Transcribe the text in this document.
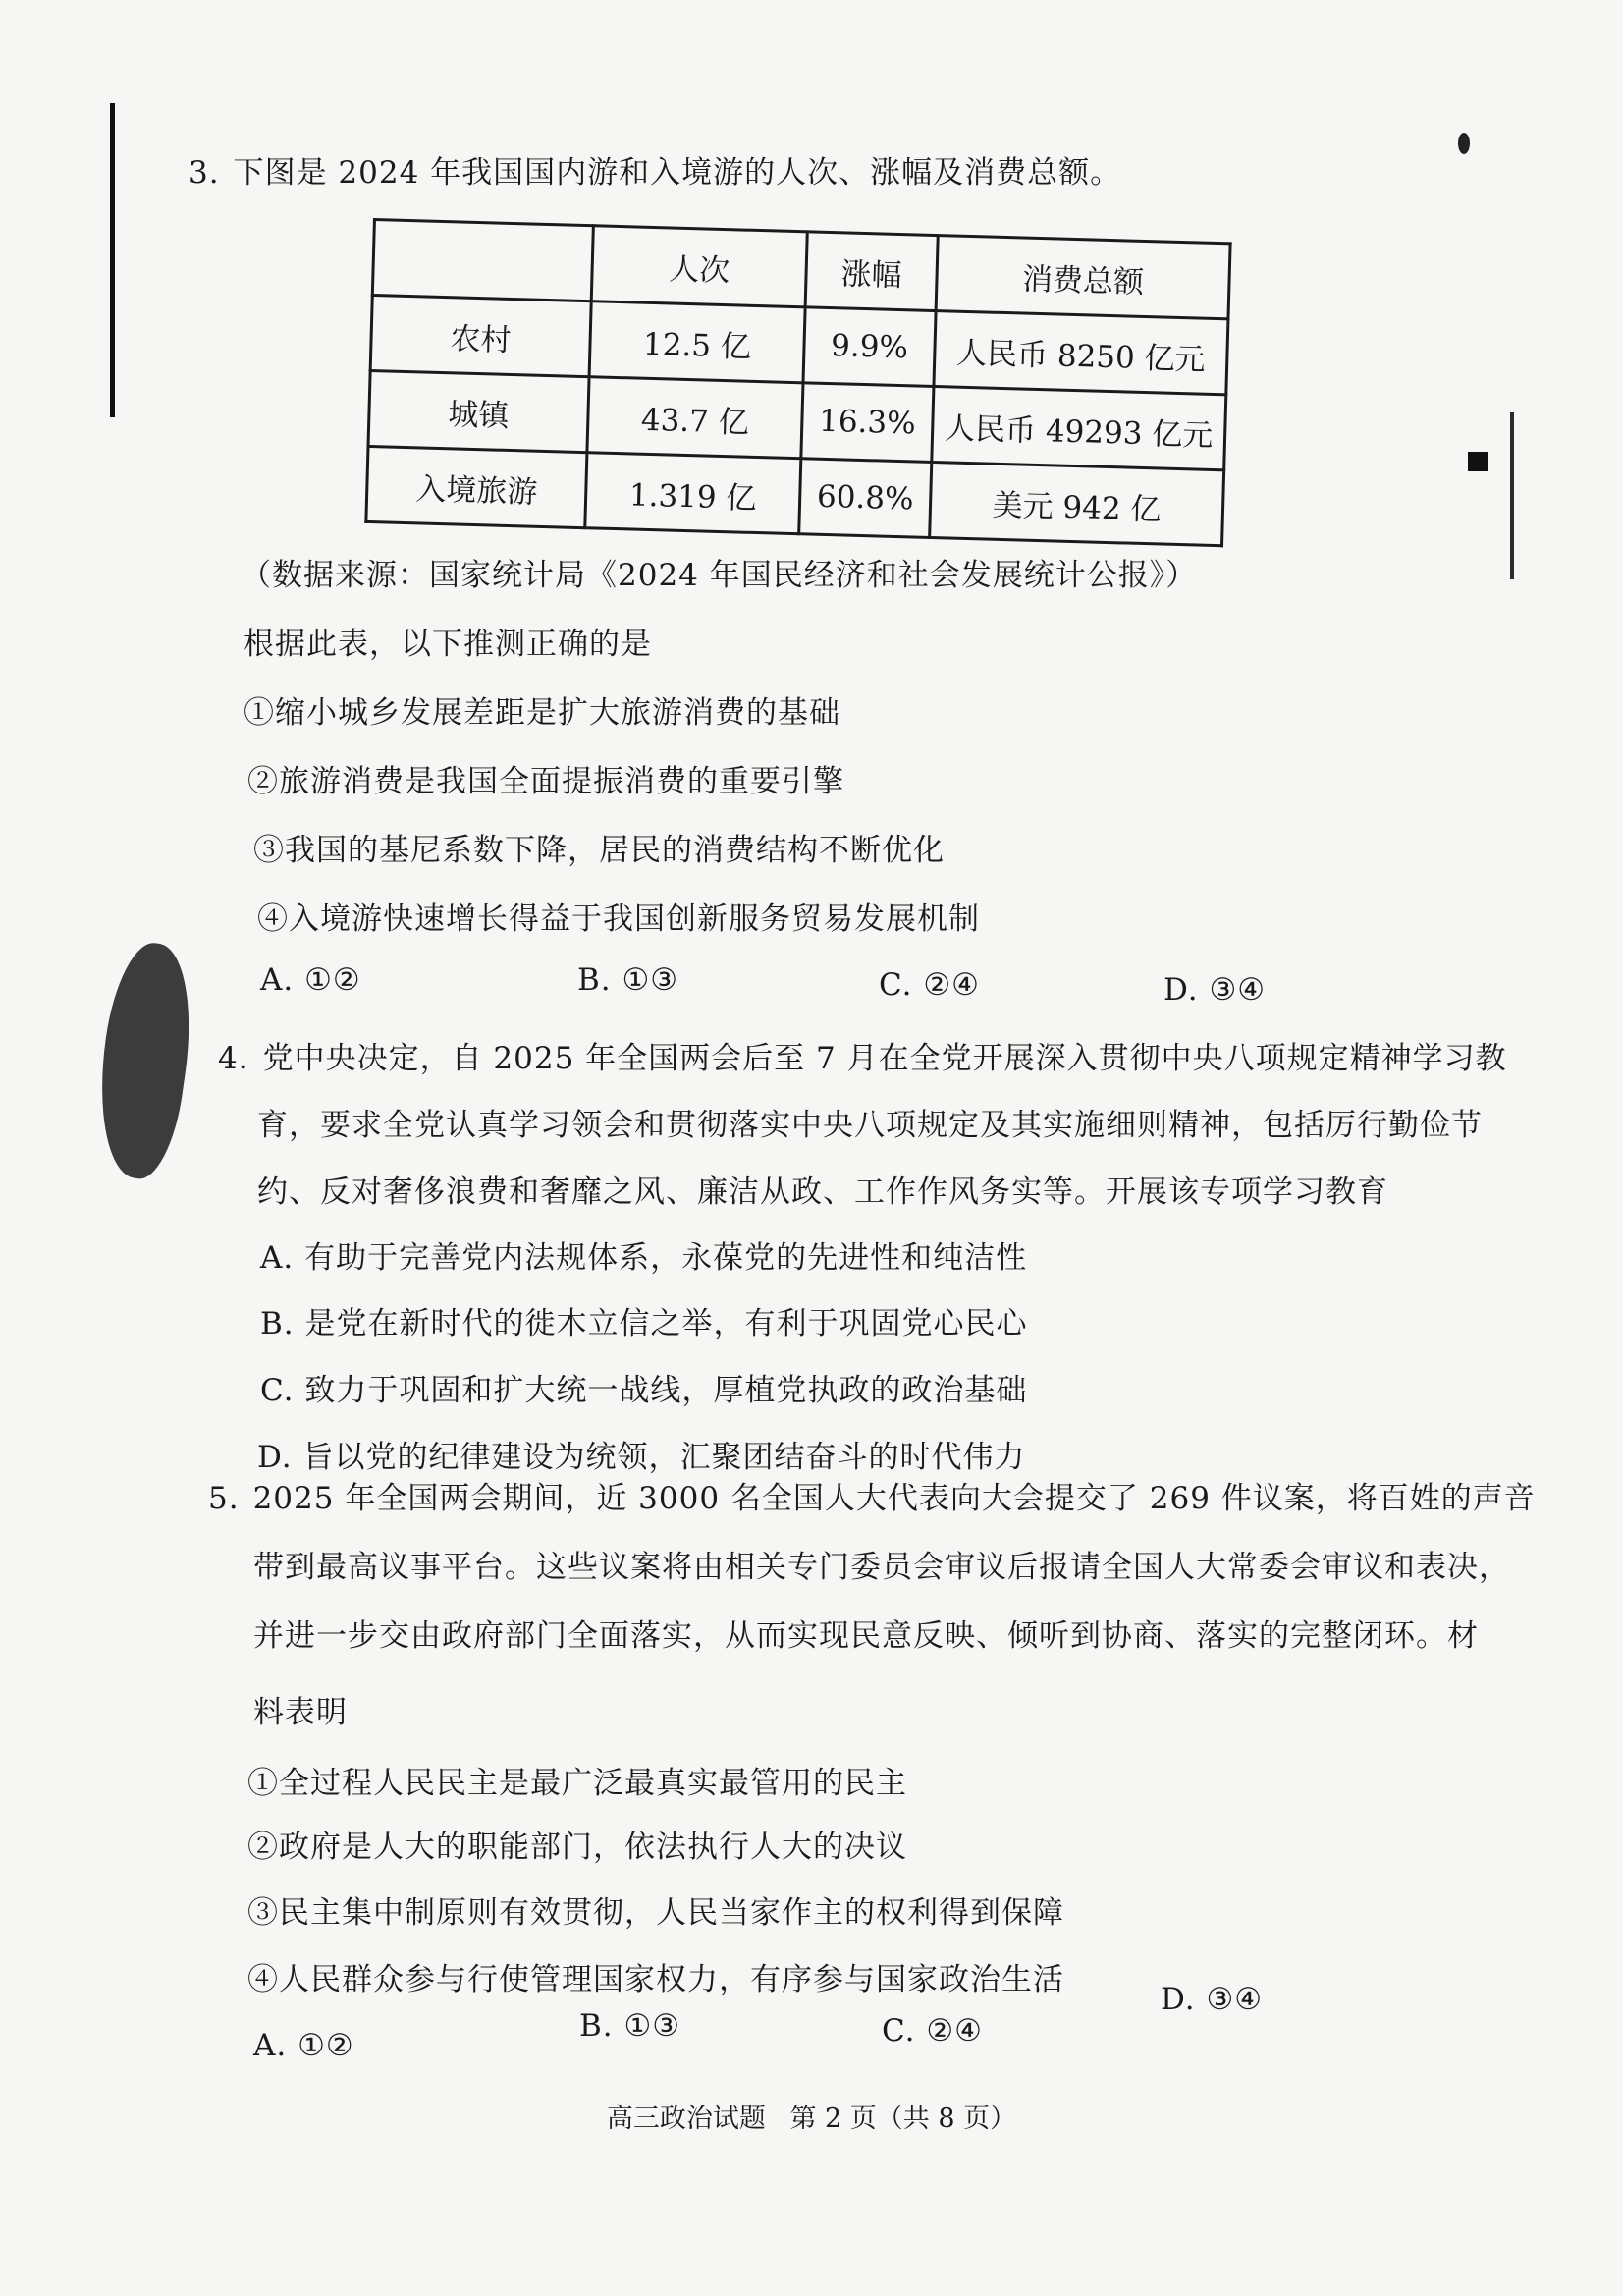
3. 下图是 2024 年我国国内游和入境游的人次、涨幅及消费总额。
	人次	涨幅	消费总额
农村	12.5 亿	9.9%	人民币 8250 亿元
城镇	43.7 亿	16.3%	人民币 49293 亿元
入境旅游	1.319 亿	60.8%	美元 942 亿
（数据来源：国家统计局《2024 年国民经济和社会发展统计公报》）
根据此表，以下推测正确的是
①缩小城乡发展差距是扩大旅游消费的基础
②旅游消费是我国全面提振消费的重要引擎
③我国的基尼系数下降，居民的消费结构不断优化
④入境游快速增长得益于我国创新服务贸易发展机制
A. ①②	B. ①③	C. ②④	D. ③④
4. 党中央决定，自 2025 年全国两会后至 7 月在全党开展深入贯彻中央八项规定精神学习教
育，要求全党认真学习领会和贯彻落实中央八项规定及其实施细则精神，包括厉行勤俭节
约、反对奢侈浪费和奢靡之风、廉洁从政、工作作风务实等。开展该专项学习教育
A. 有助于完善党内法规体系，永葆党的先进性和纯洁性
B. 是党在新时代的徙木立信之举，有利于巩固党心民心
C. 致力于巩固和扩大统一战线，厚植党执政的政治基础
D. 旨以党的纪律建设为统领，汇聚团结奋斗的时代伟力
5. 2025 年全国两会期间，近 3000 名全国人大代表向大会提交了 269 件议案，将百姓的声音
带到最高议事平台。这些议案将由相关专门委员会审议后报请全国人大常委会审议和表决，
并进一步交由政府部门全面落实，从而实现民意反映、倾听到协商、落实的完整闭环。材
料表明
①全过程人民民主是最广泛最真实最管用的民主
②政府是人大的职能部门，依法执行人大的决议
③民主集中制原则有效贯彻，人民当家作主的权利得到保障
④人民群众参与行使管理国家权力，有序参与国家政治生活
A. ①②
B. ①③	C. ②④
D. ③④
高三政治试题 第 2 页（共 8 页）
